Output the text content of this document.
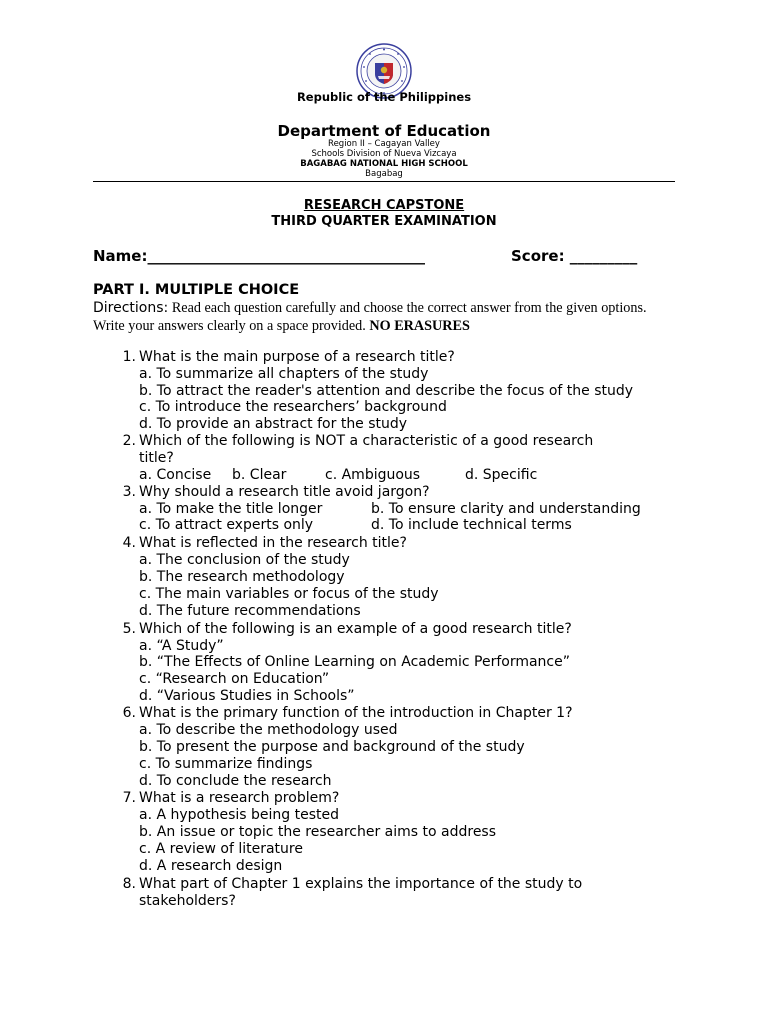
Republic of the Philippines
Department of Education
Region II – Cagayan Valley
Schools Division of Nueva Vizcaya
BAGABAG NATIONAL HIGH SCHOOL
Bagabag
RESEARCH CAPSTONE
THIRD QUARTER EXAMINATION
Name:_____________________________________	Score: _________
PART I. MULTIPLE CHOICE
Directions: Read each question carefully and choose the correct answer from the given options. Write your answers clearly on a space provided. NO ERASURES
1. What is the main purpose of a research title?
a. To summarize all chapters of the study
b. To attract the reader's attention and describe the focus of the study
c. To introduce the researchers’ background
d. To provide an abstract for the study
2. Which of the following is NOT a characteristic of a good research
title?
a. Concise b. Clear	c. Ambiguous	d. Specific
3. Why should a research title avoid jargon?
a. To make the title longer	b. To ensure clarity and understanding
c. To attract experts only	d. To include technical terms
4. What is reflected in the research title?
a. The conclusion of the study
b. The research methodology
c. The main variables or focus of the study
d. The future recommendations
5. Which of the following is an example of a good research title?
a. “A Study”
b. “The Effects of Online Learning on Academic Performance”
c. “Research on Education”
d. “Various Studies in Schools”
6. What is the primary function of the introduction in Chapter 1?
a. To describe the methodology used
b. To present the purpose and background of the study
c. To summarize findings
d. To conclude the research
7. What is a research problem?
a. A hypothesis being tested
b. An issue or topic the researcher aims to address
c. A review of literature
d. A research design
8. What part of Chapter 1 explains the importance of the study to
stakeholders?
